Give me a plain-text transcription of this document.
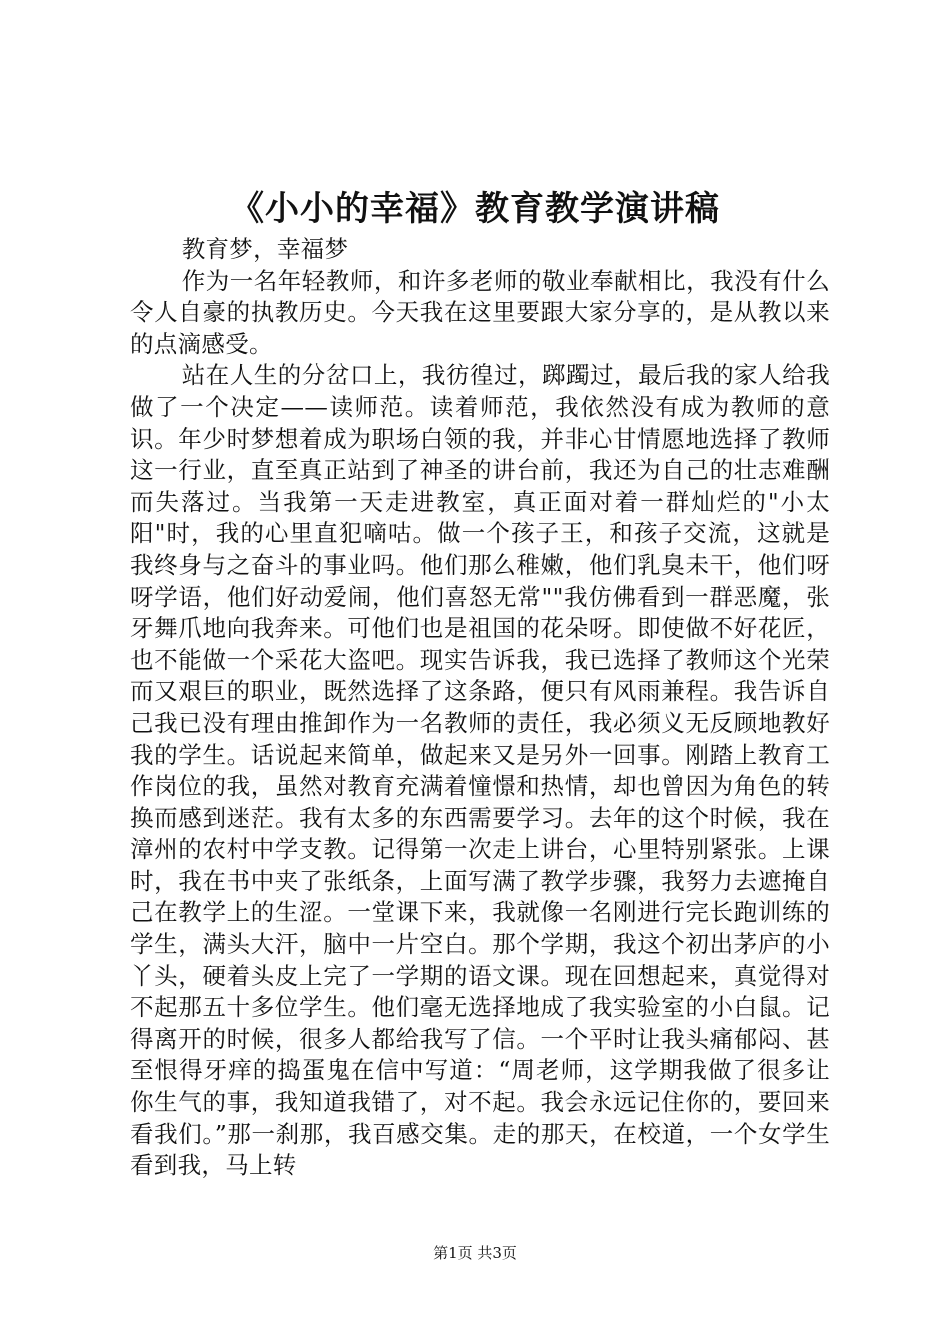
《小小的幸福》教育教学演讲稿

教育梦，幸福梦

作为一名年轻教师，和许多老师的敬业奉献相比，我没有什么令人自豪的执教历史。今天我在这里要跟大家分享的，是从教以来的点滴感受。

站在人生的分岔口上，我彷徨过，踯躅过，最后我的家人给我做了一个决定——读师范。读着师范，我依然没有成为教师的意识。年少时梦想着成为职场白领的我，并非心甘情愿地选择了教师这一行业，直至真正站到了神圣的讲台前，我还为自己的壮志难酬而失落过。当我第一天走进教室，真正面对着一群灿烂的"小太阳"时，我的心里直犯嘀咕。做一个孩子王，和孩子交流，这就是我终身与之奋斗的事业吗。他们那么稚嫩，他们乳臭未干，他们呀呀学语，他们好动爱闹，他们喜怒无常""我仿佛看到一群恶魔，张牙舞爪地向我奔来。可他们也是祖国的花朵呀。即使做不好花匠，也不能做一个采花大盗吧。现实告诉我，我已选择了教师这个光荣而又艰巨的职业，既然选择了这条路，便只有风雨兼程。我告诉自己我已没有理由推卸作为一名教师的责任，我必须义无反顾地教好我的学生。话说起来简单，做起来又是另外一回事。刚踏上教育工作岗位的我，虽然对教育充满着憧憬和热情，却也曾因为角色的转换而感到迷茫。我有太多的东西需要学习。去年的这个时候，我在漳州的农村中学支教。记得第一次走上讲台，心里特别紧张。上课时，我在书中夹了张纸条，上面写满了教学步骤，我努力去遮掩自己在教学上的生涩。一堂课下来，我就像一名刚进行完长跑训练的学生，满头大汗，脑中一片空白。那个学期，我这个初出茅庐的小丫头，硬着头皮上完了一学期的语文课。现在回想起来，真觉得对不起那五十多位学生。他们毫无选择地成了我实验室的小白鼠。记得离开的时候，很多人都给我写了信。一个平时让我头痛郁闷、甚至恨得牙痒的捣蛋鬼在信中写道：“周老师，这学期我做了很多让你生气的事，我知道我错了，对不起。我会永远记住你的，要回来看我们。”那一刹那，我百感交集。走的那天，在校道，一个女学生看到我，马上转

第1页 共3页
